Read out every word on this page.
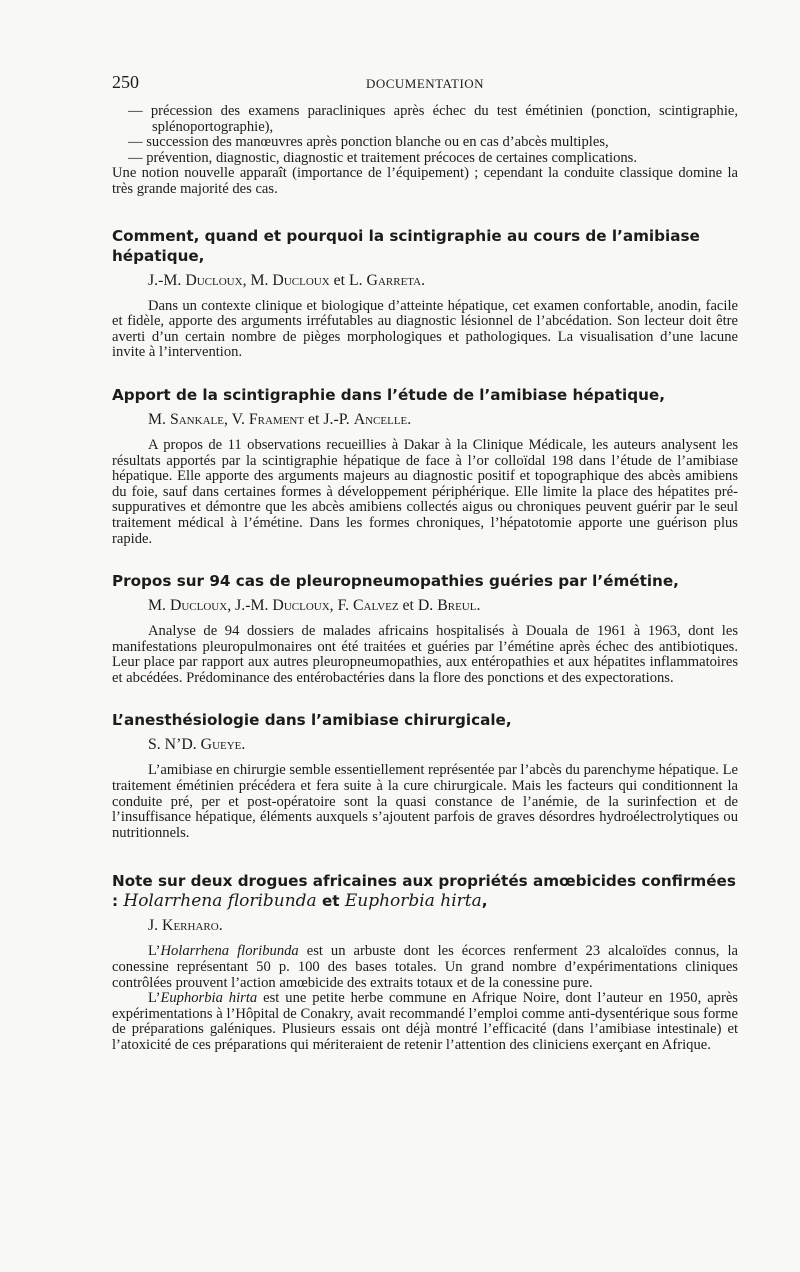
250	DOCUMENTATION
— précession des examens paracliniques après échec du test émétinien (ponction, scintigraphie, splénoportographie),
— succession des manœuvres après ponction blanche ou en cas d’abcès multiples,
— prévention, diagnostic, diagnostic et traitement précoces de certaines complications.

Une notion nouvelle apparaît (importance de l’équipement) ; cependant la conduite classique domine la très grande majorité des cas.

Comment, quand et pourquoi la scintigraphie au cours de l’amibiase hépatique,
J.-M. Ducloux, M. Ducloux et L. Garreta.

Dans un contexte clinique et biologique d’atteinte hépatique, cet examen confortable, anodin, facile et fidèle, apporte des arguments irréfutables au diagnostic lésionnel de l’abcédation. Son lecteur doit être averti d’un certain nombre de pièges morphologiques et pathologiques. La visualisation d’une lacune invite à l’intervention.

Apport de la scintigraphie dans l’étude de l’amibiase hépatique,
M. Sankale, V. Frament et J.-P. Ancelle.

A propos de 11 observations recueillies à Dakar à la Clinique Médicale, les auteurs analysent les résultats apportés par la scintigraphie hépatique de face à l’or colloïdal 198 dans l’étude de l’amibiase hépatique. Elle apporte des arguments majeurs au diagnostic positif et topographique des abcès amibiens du foie, sauf dans certaines formes à développement périphérique. Elle limite la place des hépatites pré-suppuratives et démontre que les abcès amibiens collectés aigus ou chroniques peuvent guérir par le seul traitement médical à l’émétine. Dans les formes chroniques, l’hépatotomie apporte une guérison plus rapide.

Propos sur 94 cas de pleuropneumopathies guéries par l’émétine,
M. Ducloux, J.-M. Ducloux, F. Calvez et D. Breul.

Analyse de 94 dossiers de malades africains hospitalisés à Douala de 1961 à 1963, dont les manifestations pleuropulmonaires ont été traitées et guéries par l’émétine après échec des antibiotiques. Leur place par rapport aux autres pleuropneumopathies, aux entéropathies et aux hépatites inflammatoires et abcédées. Prédominance des entérobactéries dans la flore des ponctions et des expectorations.

L’anesthésiologie dans l’amibiase chirurgicale,
S. N’D. Gueye.

L’amibiase en chirurgie semble essentiellement représentée par l’abcès du parenchyme hépatique. Le traitement émétinien précédera et fera suite à la cure chirurgicale. Mais les facteurs qui conditionnent la conduite pré, per et post-opératoire sont la quasi constance de l’anémie, de la surinfection et de l’insuffisance hépatique, éléments auxquels s’ajoutent parfois de graves désordres hydroélectrolytiques ou nutritionnels.

Note sur deux drogues africaines aux propriétés amœbicides confirmées : Holarrhena floribunda et Euphorbia hirta,
J. Kerharo.

L’Holarrhena floribunda est un arbuste dont les écorces renferment 23 alcaloïdes connus, la conessine représentant 50 p. 100 des bases totales. Un grand nombre d’expérimentations cliniques contrôlées prouvent l’action amœbicide des extraits totaux et de la conessine pure.

L’Euphorbia hirta est une petite herbe commune en Afrique Noire, dont l’auteur en 1950, après expérimentations à l’Hôpital de Conakry, avait recommandé l’emploi comme anti-dysentérique sous forme de préparations galéniques. Plusieurs essais ont déjà montré l’efficacité (dans l’amibiase intestinale) et l’atoxicité de ces préparations qui mériteraient de retenir l’attention des cliniciens exerçant en Afrique.
